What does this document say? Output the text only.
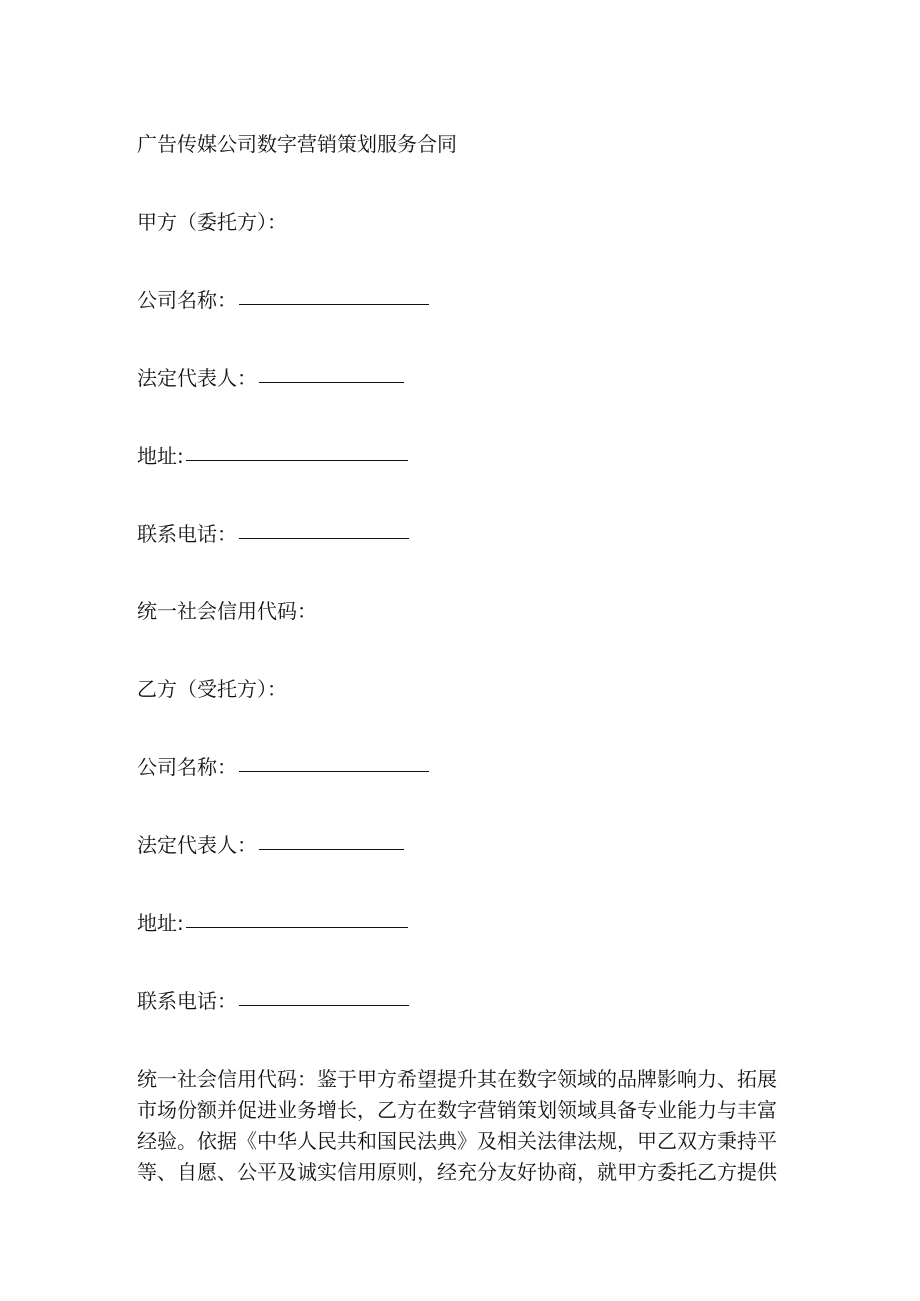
广告传媒公司数字营销策划服务合同
甲方（委托方）：
公司名称：
法定代表人：
地址:
联系电话：
统一社会信用代码：
乙方（受托方）：
公司名称：
法定代表人：
地址:
联系电话：
统一社会信用代码：鉴于甲方希望提升其在数字领域的品牌影响力、拓展
市场份额并促进业务增长，乙方在数字营销策划领域具备专业能力与丰富
经验。依据《中华人民共和国民法典》及相关法律法规，甲乙双方秉持平
等、自愿、公平及诚实信用原则，经充分友好协商，就甲方委托乙方提供
